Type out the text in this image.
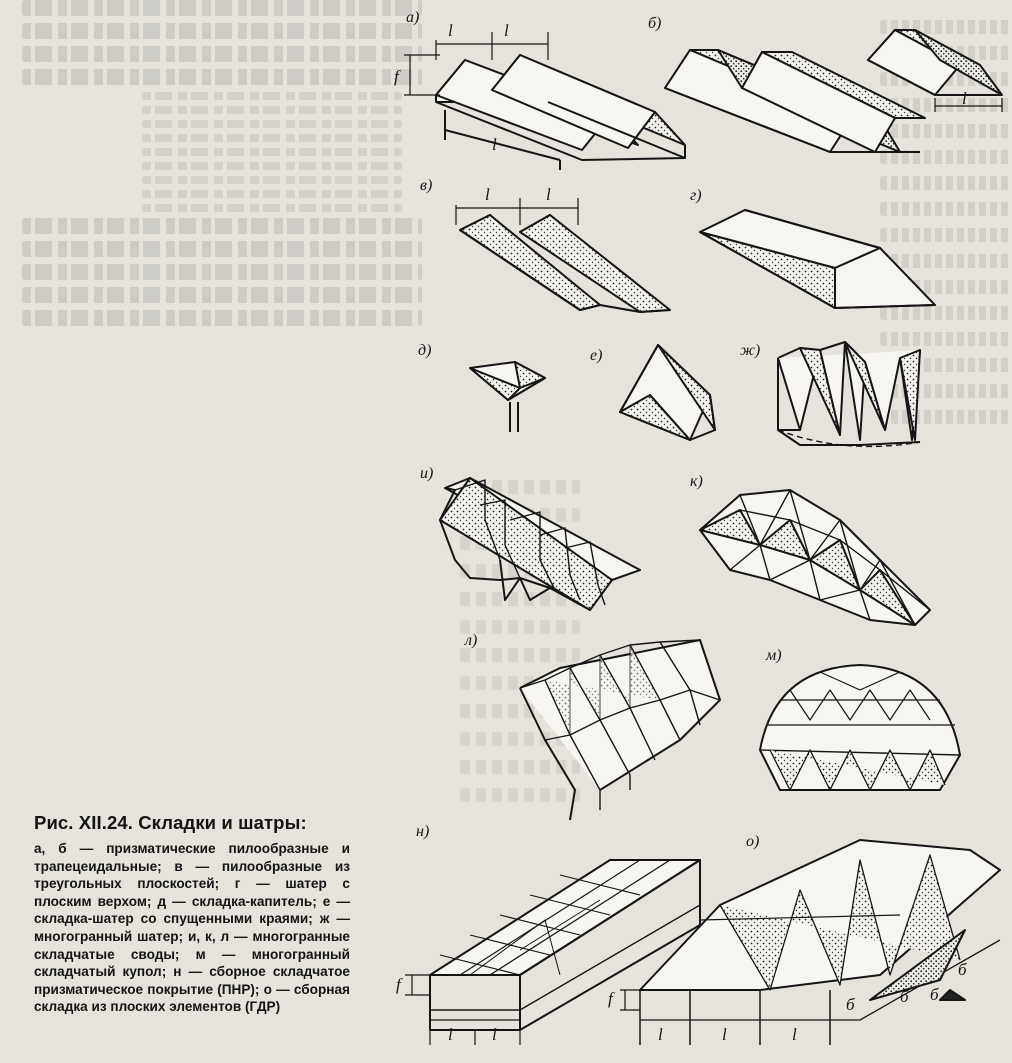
а)	б)
в)
г)
д)	е)	ж)
и)	к)
л)
м)
н)
о)
l	l
f
l
l
l	l
f
l l
f
l	l	l
б	б
б
б

Рис. XII.24. Складки и шатры:

а, б — призматические пилообразные и трапецеидальные; в — пилообразные из треугольных плоскостей; г — шатер с плоским верхом; д — складка-капитель; е — складка-шатер со спущенными краями; ж — многогранный шатер; и, к, л — многогранные складчатые своды; м — многогранный складчатый купол; н — сборное складчатое призматическое покрытие (ПНР); о — сборная складка из плоских элементов (ГДР)
